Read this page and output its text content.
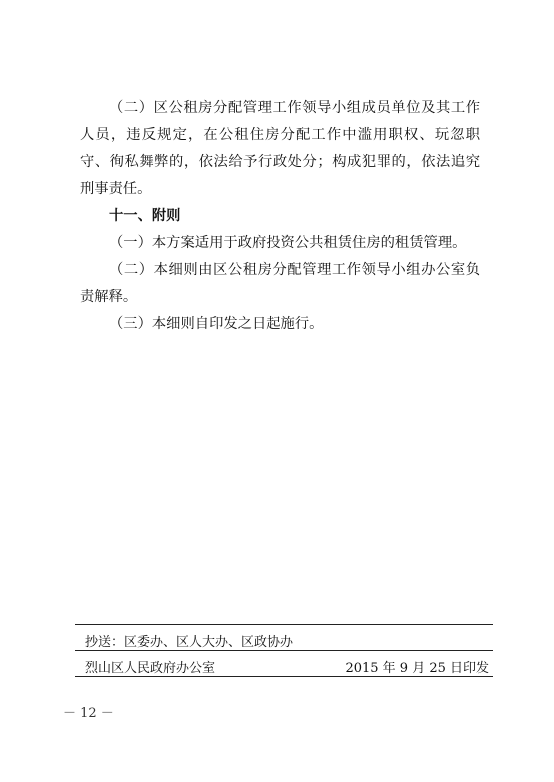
（二）区公租房分配管理工作领导小组成员单位及其工作人员，违反规定，在公租住房分配工作中滥用职权、玩忽职守、徇私舞弊的，依法给予行政处分；构成犯罪的，依法追究刑事责任。
十一、附则
（一）本方案适用于政府投资公共租赁住房的租赁管理。
（二）本细则由区公租房分配管理工作领导小组办公室负责解释。
（三）本细则自印发之日起施行。
抄送：区委办、区人大办、区政协办
烈山区人民政府办公室	2015 年 9 月 25 日印发
－ 12 －
